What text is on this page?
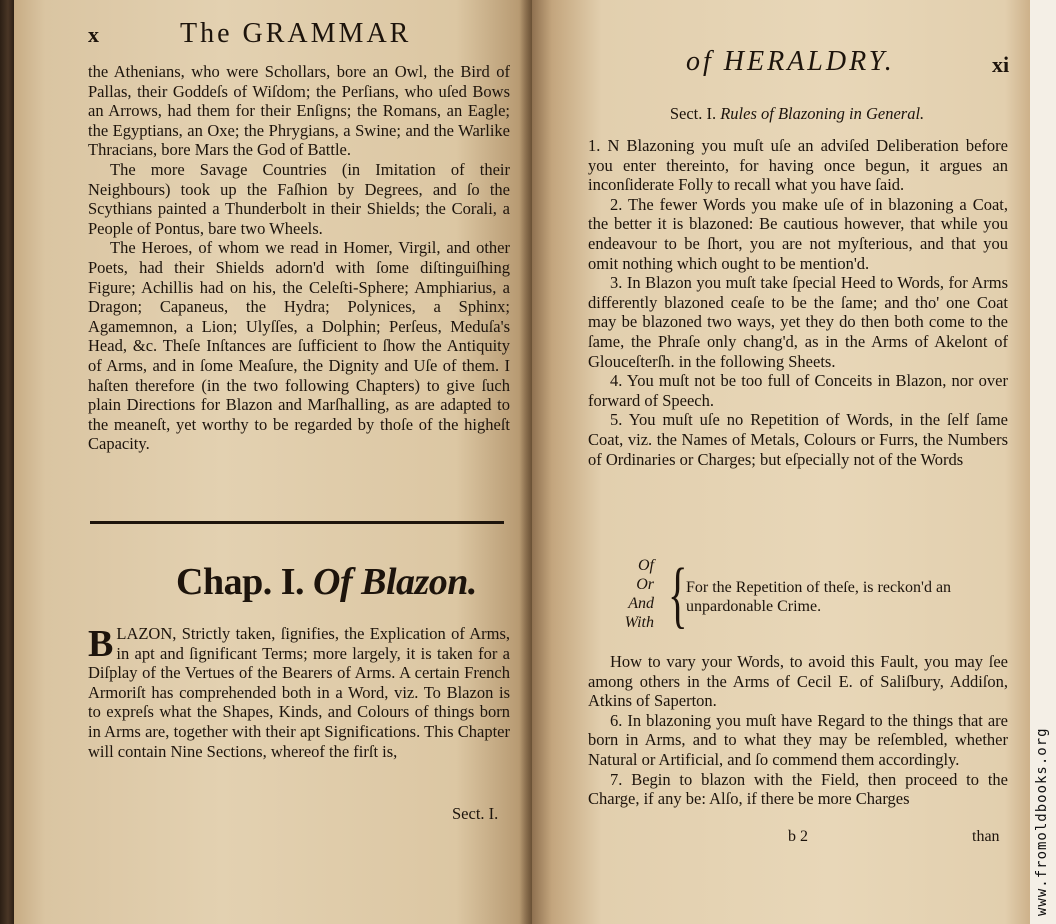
x	The GRAMMAR

the Athenians, who were Schollars, bore an Owl, the Bird of Pallas, their Goddeſs of Wiſdom; the Perſians, who uſed Bows an Arrows, had them for their Enſigns; the Romans, an Eagle; the Egyptians, an Oxe; the Phrygians, a Swine; and the Warlike Thracians, bore Mars the God of Battle.

The more Savage Countries (in Imitation of their Neighbours) took up the Faſhion by Degrees, and ſo the Scythians painted a Thunderbolt in their Shields; the Corali, a People of Pontus, bare two Wheels.

The Heroes, of whom we read in Homer, Virgil, and other Poets, had their Shields adorn'd with ſome diſtinguiſhing Figure; Achillis had on his, the Celeſti-Sphere; Amphiarius, a Dragon; Capaneus, the Hydra; Polynices, a Sphinx; Agamemnon, a Lion; Ulyſſes, a Dolphin; Perſeus, Meduſa's Head, &c. Theſe Inſtances are ſufficient to ſhow the Antiquity of Arms, and in ſome Meaſure, the Dignity and Uſe of them. I haſten therefore (in the two following Chapters) to give ſuch plain Directions for Blazon and Marſhalling, as are adapted to the meaneſt, yet worthy to be regarded by thoſe of the higheſt Capacity.

Chap. I. Of Blazon.
BLAZON, Strictly taken, ſignifies, the Explication of Arms, in apt and ſignificant Terms; more largely, it is taken for a Diſplay of the Vertues of the Bearers of Arms. A certain French Armoriſt has comprehended both in a Word, viz. To Blazon is to expreſs what the Shapes, Kinds, and Colours of things born in Arms are, together with their apt Significations. This Chapter will contain Nine Sections, whereof the firſt is,
Sect. I.
of HERALDRY.	xi
Sect. I. Rules of Blazoning in General.

1. N Blazoning you muſt uſe an adviſed Deliberation before you enter thereinto, for having once begun, it argues an inconſiderate Folly to recall what you have ſaid.

2. The fewer Words you make uſe of in blazoning a Coat, the better it is blazoned: Be cautious however, that while you endeavour to be ſhort, you are not myſterious, and that you omit nothing which ought to be mention'd.

3. In Blazon you muſt take ſpecial Heed to Words, for Arms differently blazoned ceaſe to be the ſame; and tho' one Coat may be blazoned two ways, yet they do then both come to the ſame, the Phraſe only chang'd, as in the Arms of Akelont of Glouceſterſh. in the following Sheets.

4. You muſt not be too full of Conceits in Blazon, nor over forward of Speech.

5. You muſt uſe no Repetition of Words, in the ſelf ſame Coat, viz. the Names of Metals, Colours or Furrs, the Numbers of Ordinaries or Charges; but eſpecially not of the Words

Of
Or
And
With {
For the Repetition of theſe, is reckon'd an unpardonable Crime.

How to vary your Words, to avoid this Fault, you may ſee among others in the Arms of Cecil E. of Saliſbury, Addiſon, Atkins of Saperton.

6. In blazoning you muſt have Regard to the things that are born in Arms, and to what they may be reſembled, whether Natural or Artificial, and ſo commend them accordingly.

7. Begin to blazon with the Field, then proceed to the Charge, if any be: Alſo, if there be more Charges

b 2	than www.fromoldbooks.org
